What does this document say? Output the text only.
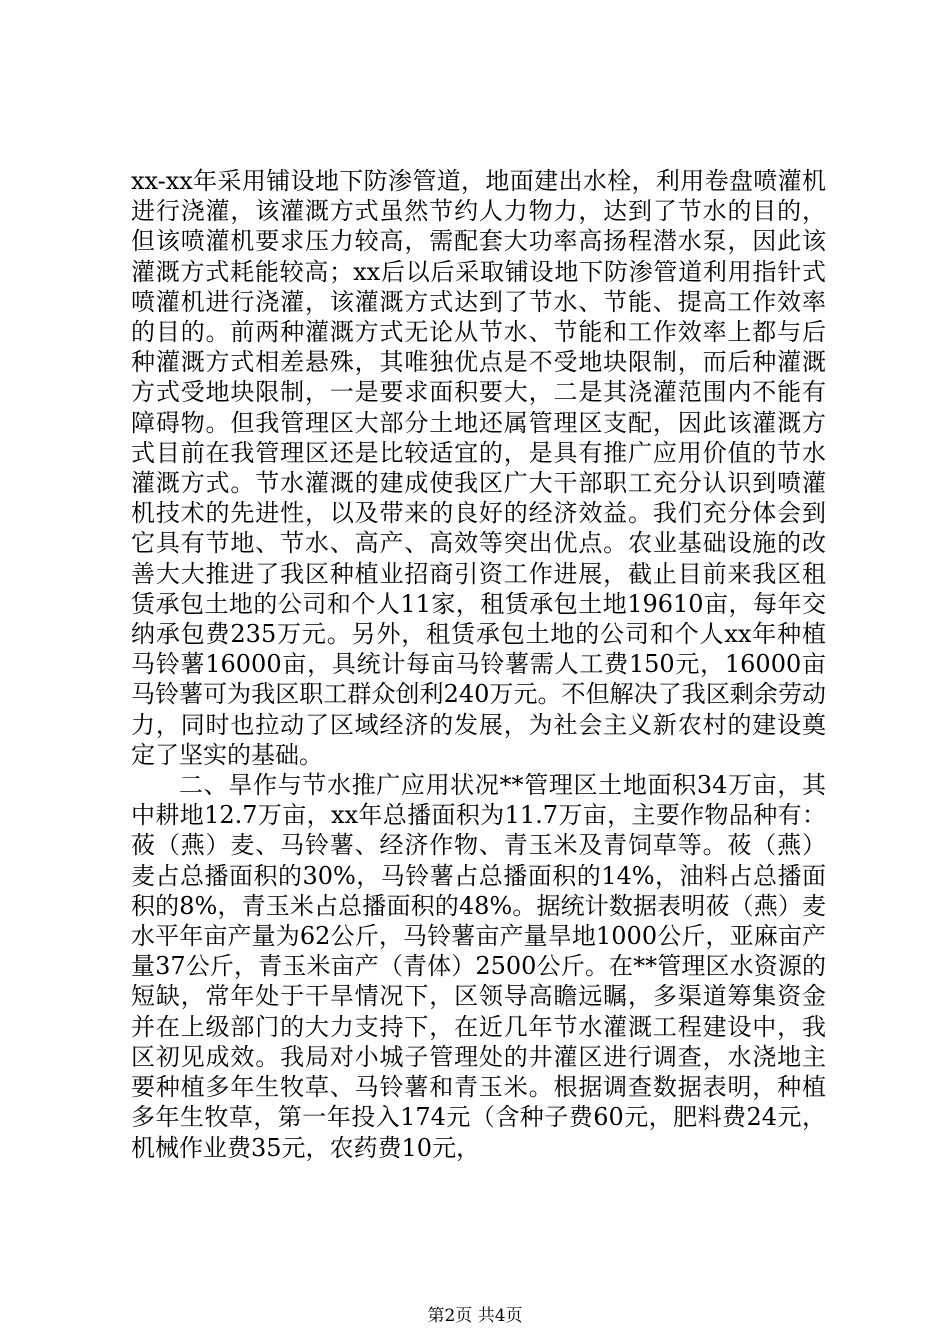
xx-xx年采用铺设地下防渗管道，地面建出水栓，利用卷盘喷灌机进行浇灌，该灌溉方式虽然节约人力物力，达到了节水的目的，但该喷灌机要求压力较高，需配套大功率高扬程潜水泵，因此该灌溉方式耗能较高；xx后以后采取铺设地下防渗管道利用指针式喷灌机进行浇灌，该灌溉方式达到了节水、节能、提高工作效率的目的。前两种灌溉方式无论从节水、节能和工作效率上都与后种灌溉方式相差悬殊，其唯独优点是不受地块限制，而后种灌溉方式受地块限制，一是要求面积要大，二是其浇灌范围内不能有障碍物。但我管理区大部分土地还属管理区支配，因此该灌溉方式目前在我管理区还是比较适宜的，是具有推广应用价值的节水灌溉方式。节水灌溉的建成使我区广大干部职工充分认识到喷灌机技术的先进性，以及带来的良好的经济效益。我们充分体会到它具有节地、节水、高产、高效等突出优点。农业基础设施的改善大大推进了我区种植业招商引资工作进展，截止目前来我区租赁承包土地的公司和个人11家，租赁承包土地19610亩，每年交纳承包费235万元。另外，租赁承包土地的公司和个人xx年种植马铃薯16000亩，具统计每亩马铃薯需人工费150元，16000亩马铃薯可为我区职工群众创利240万元。不但解决了我区剩余劳动力，同时也拉动了区域经济的发展，为社会主义新农村的建设奠定了坚实的基础。

二、旱作与节水推广应用状况**管理区土地面积34万亩，其中耕地12.7万亩，xx年总播面积为11.7万亩，主要作物品种有：莜（燕）麦、马铃薯、经济作物、青玉米及青饲草等。莜（燕）麦占总播面积的30%，马铃薯占总播面积的14%，油料占总播面积的8%，青玉米占总播面积的48%。据统计数据表明莜（燕）麦水平年亩产量为62公斤，马铃薯亩产量旱地1000公斤，亚麻亩产量37公斤，青玉米亩产（青体）2500公斤。在**管理区水资源的短缺，常年处于干旱情况下，区领导高瞻远瞩，多渠道筹集资金并在上级部门的大力支持下，在近几年节水灌溉工程建设中，我区初见成效。我局对小城子管理处的井灌区进行调查，水浇地主要种植多年生牧草、马铃薯和青玉米。根据调查数据表明，种植多年生牧草，第一年投入174元（含种子费60元，肥料费24元，机械作业费35元，农药费10元，

第2页 共4页
